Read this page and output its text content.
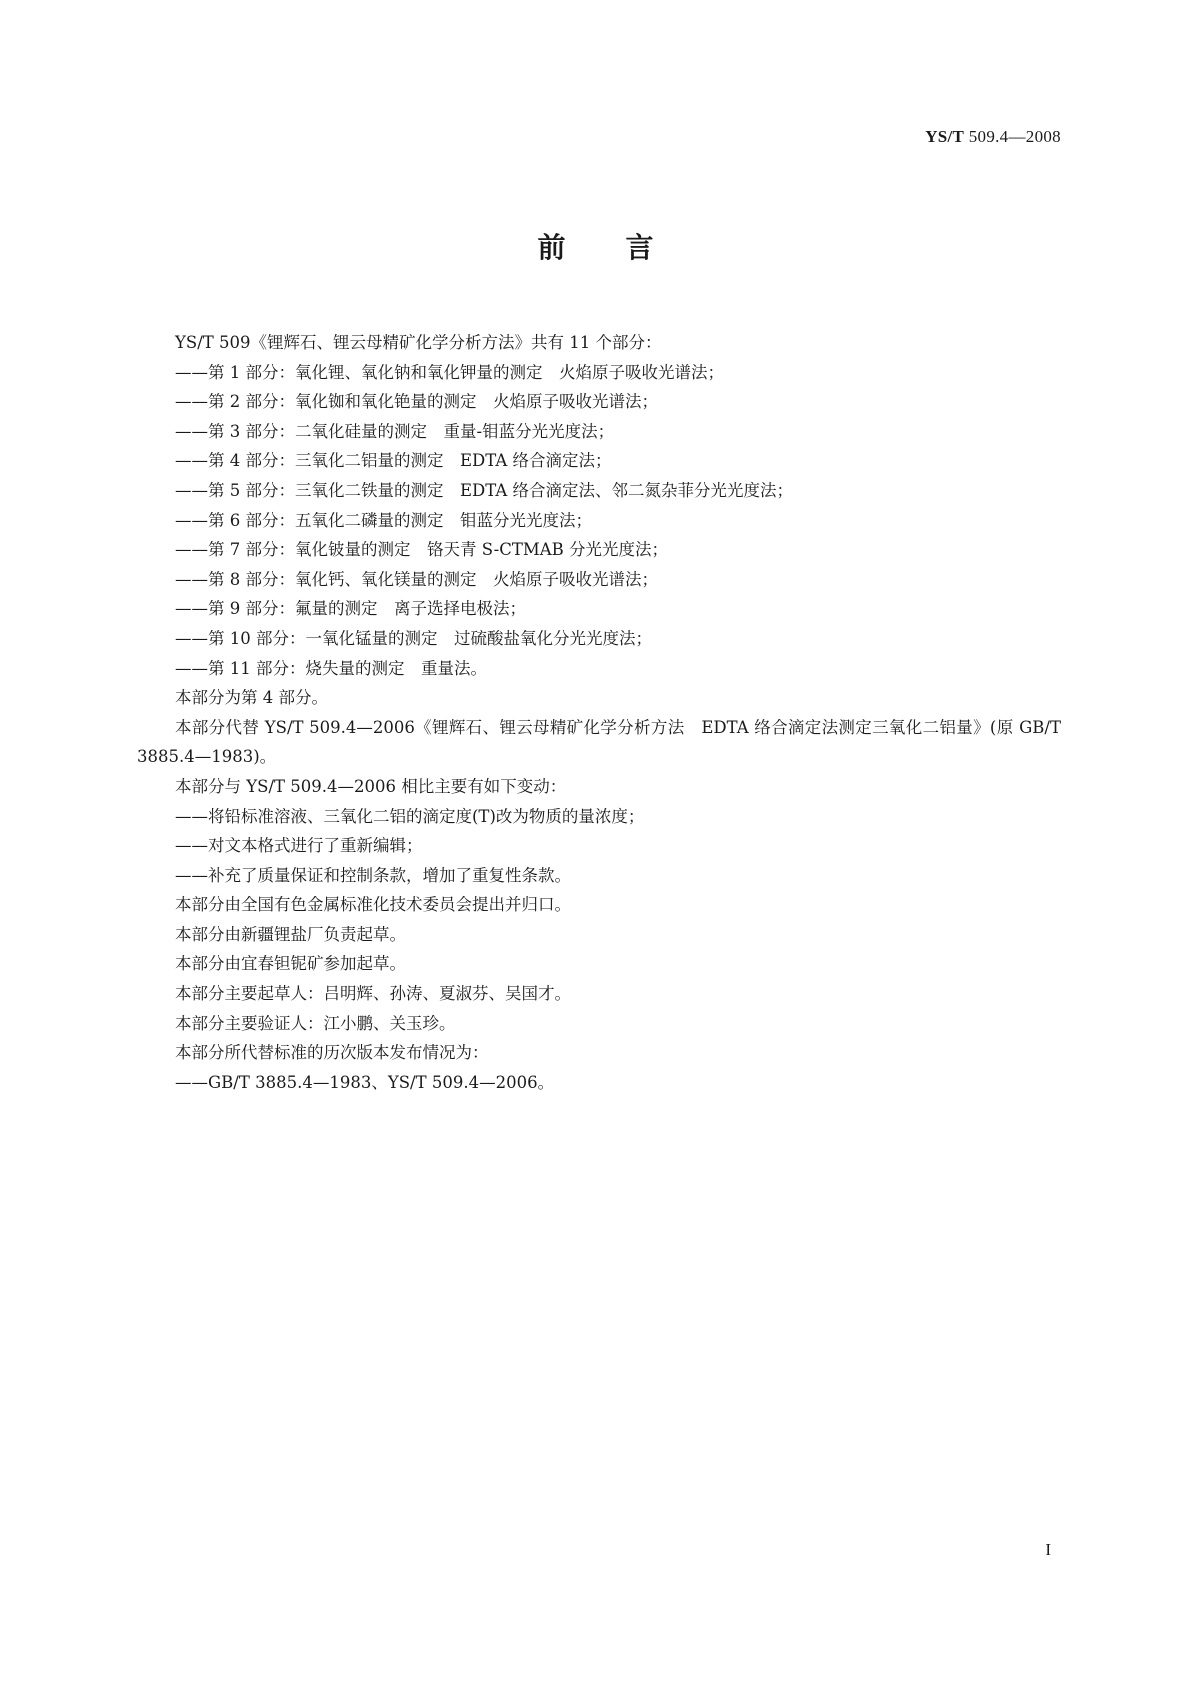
YS/T 509.4—2008
前言

YS/T 509《锂辉石、锂云母精矿化学分析方法》共有 11 个部分：

——第 1 部分：氧化锂、氧化钠和氧化钾量的测定　火焰原子吸收光谱法；

——第 2 部分：氧化铷和氧化铯量的测定　火焰原子吸收光谱法；

——第 3 部分：二氧化硅量的测定　重量-钼蓝分光光度法；

——第 4 部分：三氧化二铝量的测定　EDTA 络合滴定法；

——第 5 部分：三氧化二铁量的测定　EDTA 络合滴定法、邻二氮杂菲分光光度法；

——第 6 部分：五氧化二磷量的测定　钼蓝分光光度法；

——第 7 部分：氧化铍量的测定　铬天青 S-CTMAB 分光光度法；

——第 8 部分：氧化钙、氧化镁量的测定　火焰原子吸收光谱法；

——第 9 部分：氟量的测定　离子选择电极法；

——第 10 部分：一氧化锰量的测定　过硫酸盐氧化分光光度法；

——第 11 部分：烧失量的测定　重量法。

本部分为第 4 部分。

本部分代替 YS/T 509.4—2006《锂辉石、锂云母精矿化学分析方法　EDTA 络合滴定法测定三氧化二铝量》(原 GB/T 3885.4—1983)。

本部分与 YS/T 509.4—2006 相比主要有如下变动：

——将铅标准溶液、三氧化二铝的滴定度(T)改为物质的量浓度；

——对文本格式进行了重新编辑；

——补充了质量保证和控制条款，增加了重复性条款。

本部分由全国有色金属标准化技术委员会提出并归口。

本部分由新疆锂盐厂负责起草。

本部分由宜春钽铌矿参加起草。

本部分主要起草人：吕明辉、孙涛、夏淑芬、吴国才。

本部分主要验证人：江小鹏、关玉珍。

本部分所代替标准的历次版本发布情况为：

——GB/T 3885.4—1983、YS/T 509.4—2006。

I
